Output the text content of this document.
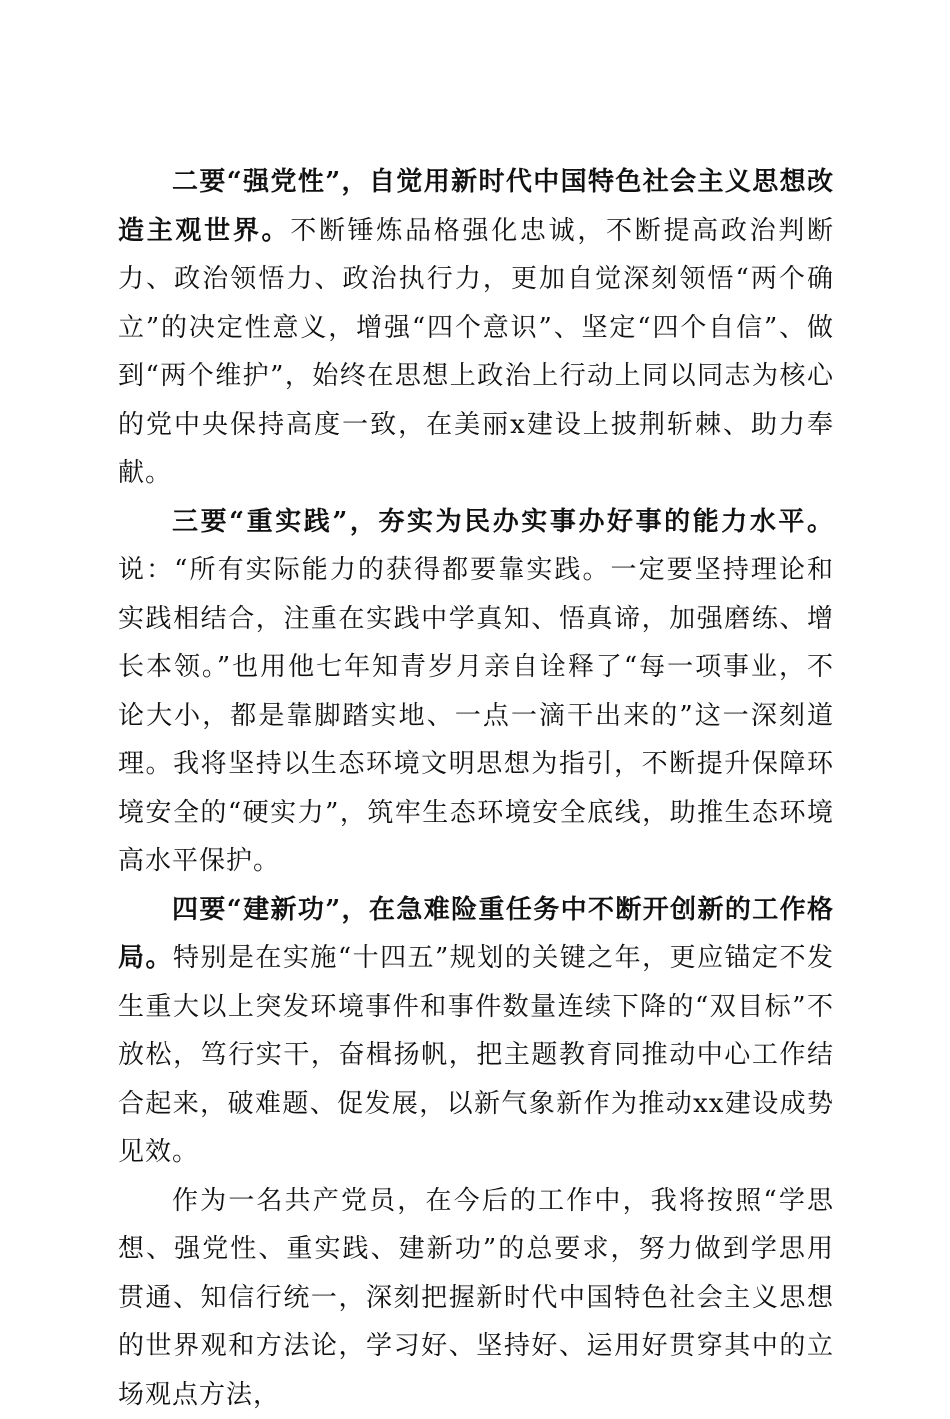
二要“强党性”，自觉用新时代中国特色社会主义思想改造主观世界。不断锤炼品格强化忠诚，不断提高政治判断力、政治领悟力、政治执行力，更加自觉深刻领悟“两个确立”的决定性意义，增强“四个意识”、坚定“四个自信”、做到“两个维护”，始终在思想上政治上行动上同以同志为核心的党中央保持高度一致，在美丽x建设上披荆斩棘、助力奉献。

三要“重实践”，夯实为民办实事办好事的能力水平。说：“所有实际能力的获得都要靠实践。一定要坚持理论和实践相结合，注重在实践中学真知、悟真谛，加强磨练、增长本领。”也用他七年知青岁月亲自诠释了“每一项事业，不论大小，都是靠脚踏实地、一点一滴干出来的”这一深刻道理。我将坚持以生态环境文明思想为指引，不断提升保障环境安全的“硬实力”，筑牢生态环境安全底线，助推生态环境高水平保护。

四要“建新功”，在急难险重任务中不断开创新的工作格局。特别是在实施“十四五”规划的关键之年，更应锚定不发生重大以上突发环境事件和事件数量连续下降的“双目标”不放松，笃行实干，奋楫扬帆，把主题教育同推动中心工作结合起来，破难题、促发展，以新气象新作为推动xx建设成势见效。

作为一名共产党员，在今后的工作中，我将按照“学思想、强党性、重实践、建新功”的总要求，努力做到学思用贯通、知信行统一，深刻把握新时代中国特色社会主义思想的世界观和方法论，学习好、坚持好、运用好贯穿其中的立场观点方法，
